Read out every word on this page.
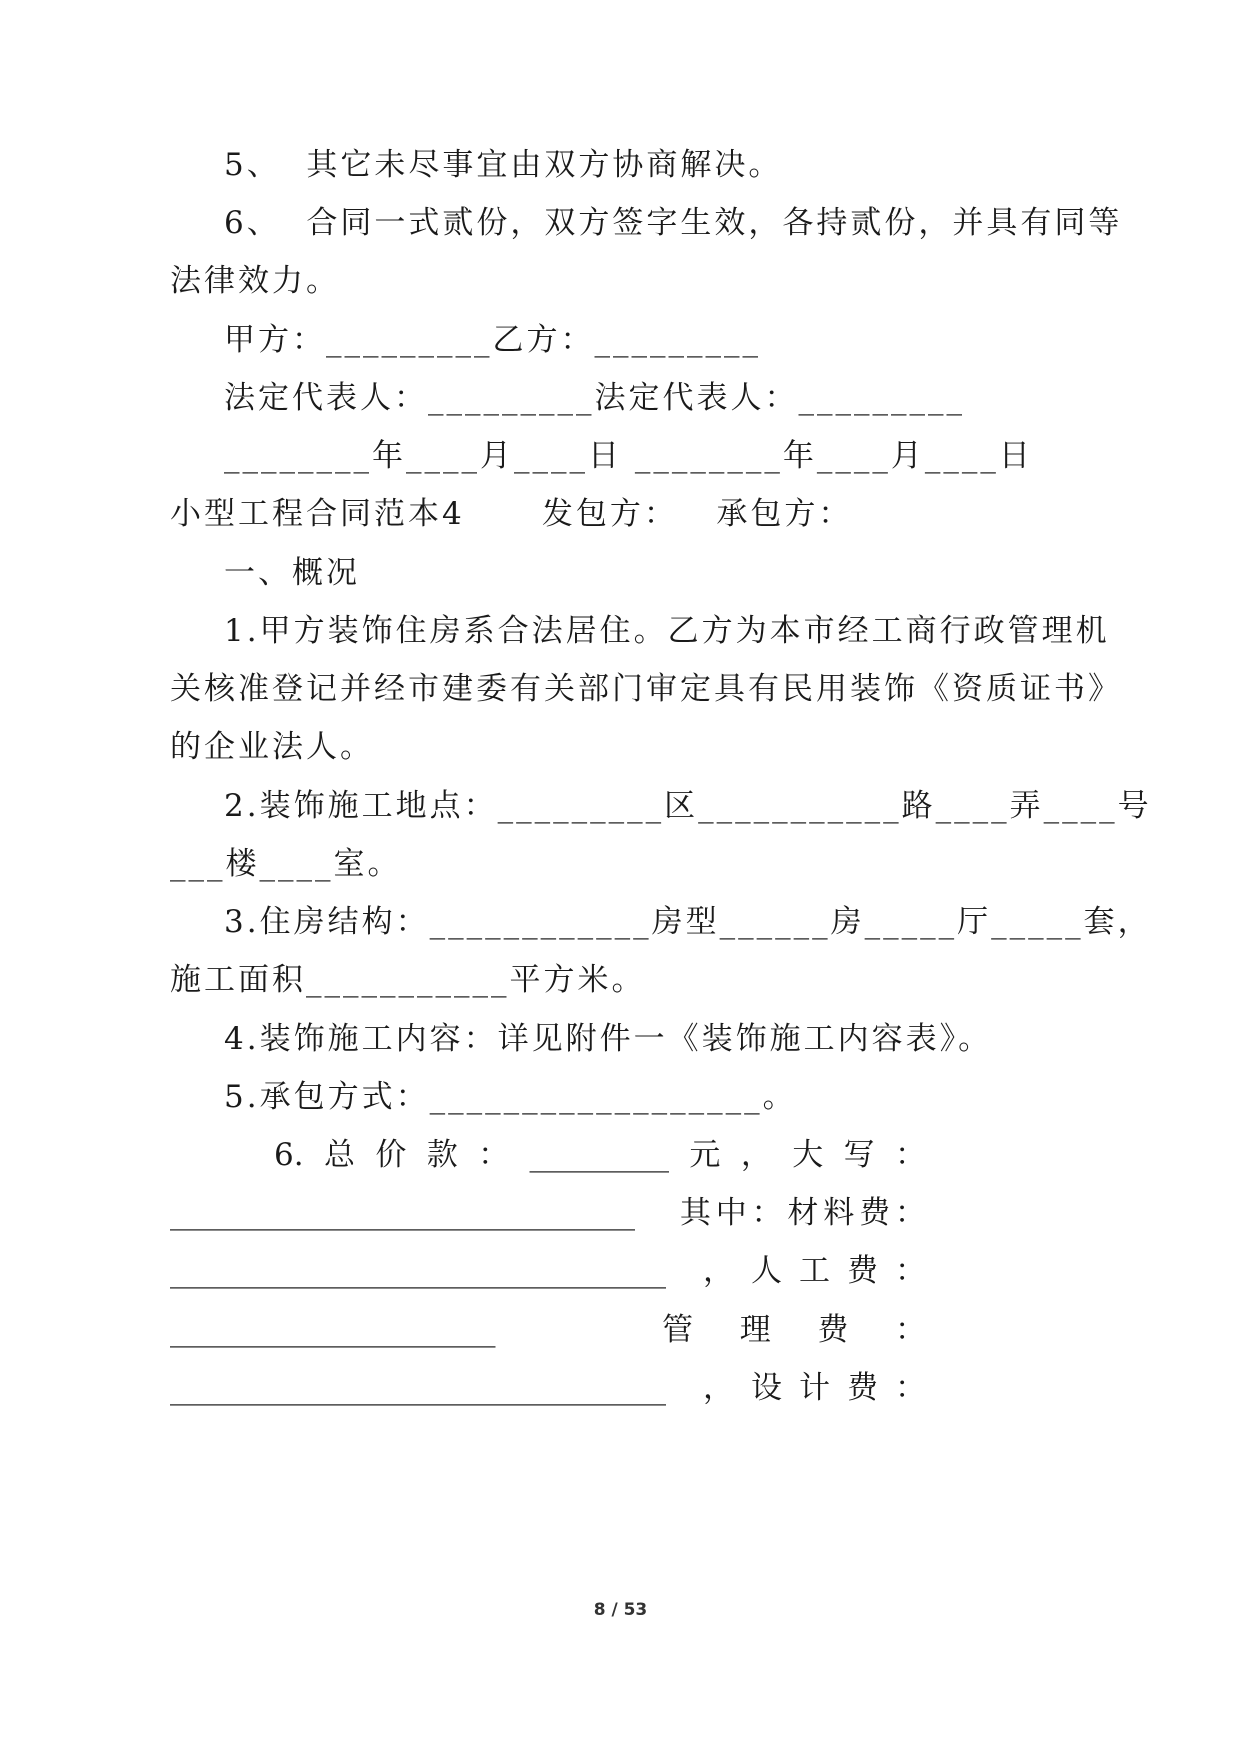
5、  其它未尽事宜由双方协商解决。
6、  合同一式贰份，双方签字生效，各持贰份，并具有同等
法律效力。
甲方：_________乙方：_________
法定代表人：_________法定代表人：_________
________年____月____日 ________年____月____日
小型工程合同范本4      发包方：   承包方：
一、概况
1.甲方装饰住房系合法居住。乙方为本市经工商行政管理机
关核准登记并经市建委有关部门审定具有民用装饰《资质证书》
的企业法人。
2.装饰施工地点：_________区___________路____弄____号
___楼____室。
3.住房结构：____________房型______房_____厅_____套，
施工面积___________平方米。
4.装饰施工内容：详见附件一《装饰施工内容表》。
5.承包方式：__________________。
6. 总 价 款 ： _________ 元 ， 大 写 ：
______________________________ 其 中 ： 材 料 费 ：
________________________________ ， 人 工 费 ：
_____________________	管 理 费 ：
________________________________ ， 设 计 费 ：
8 / 53
